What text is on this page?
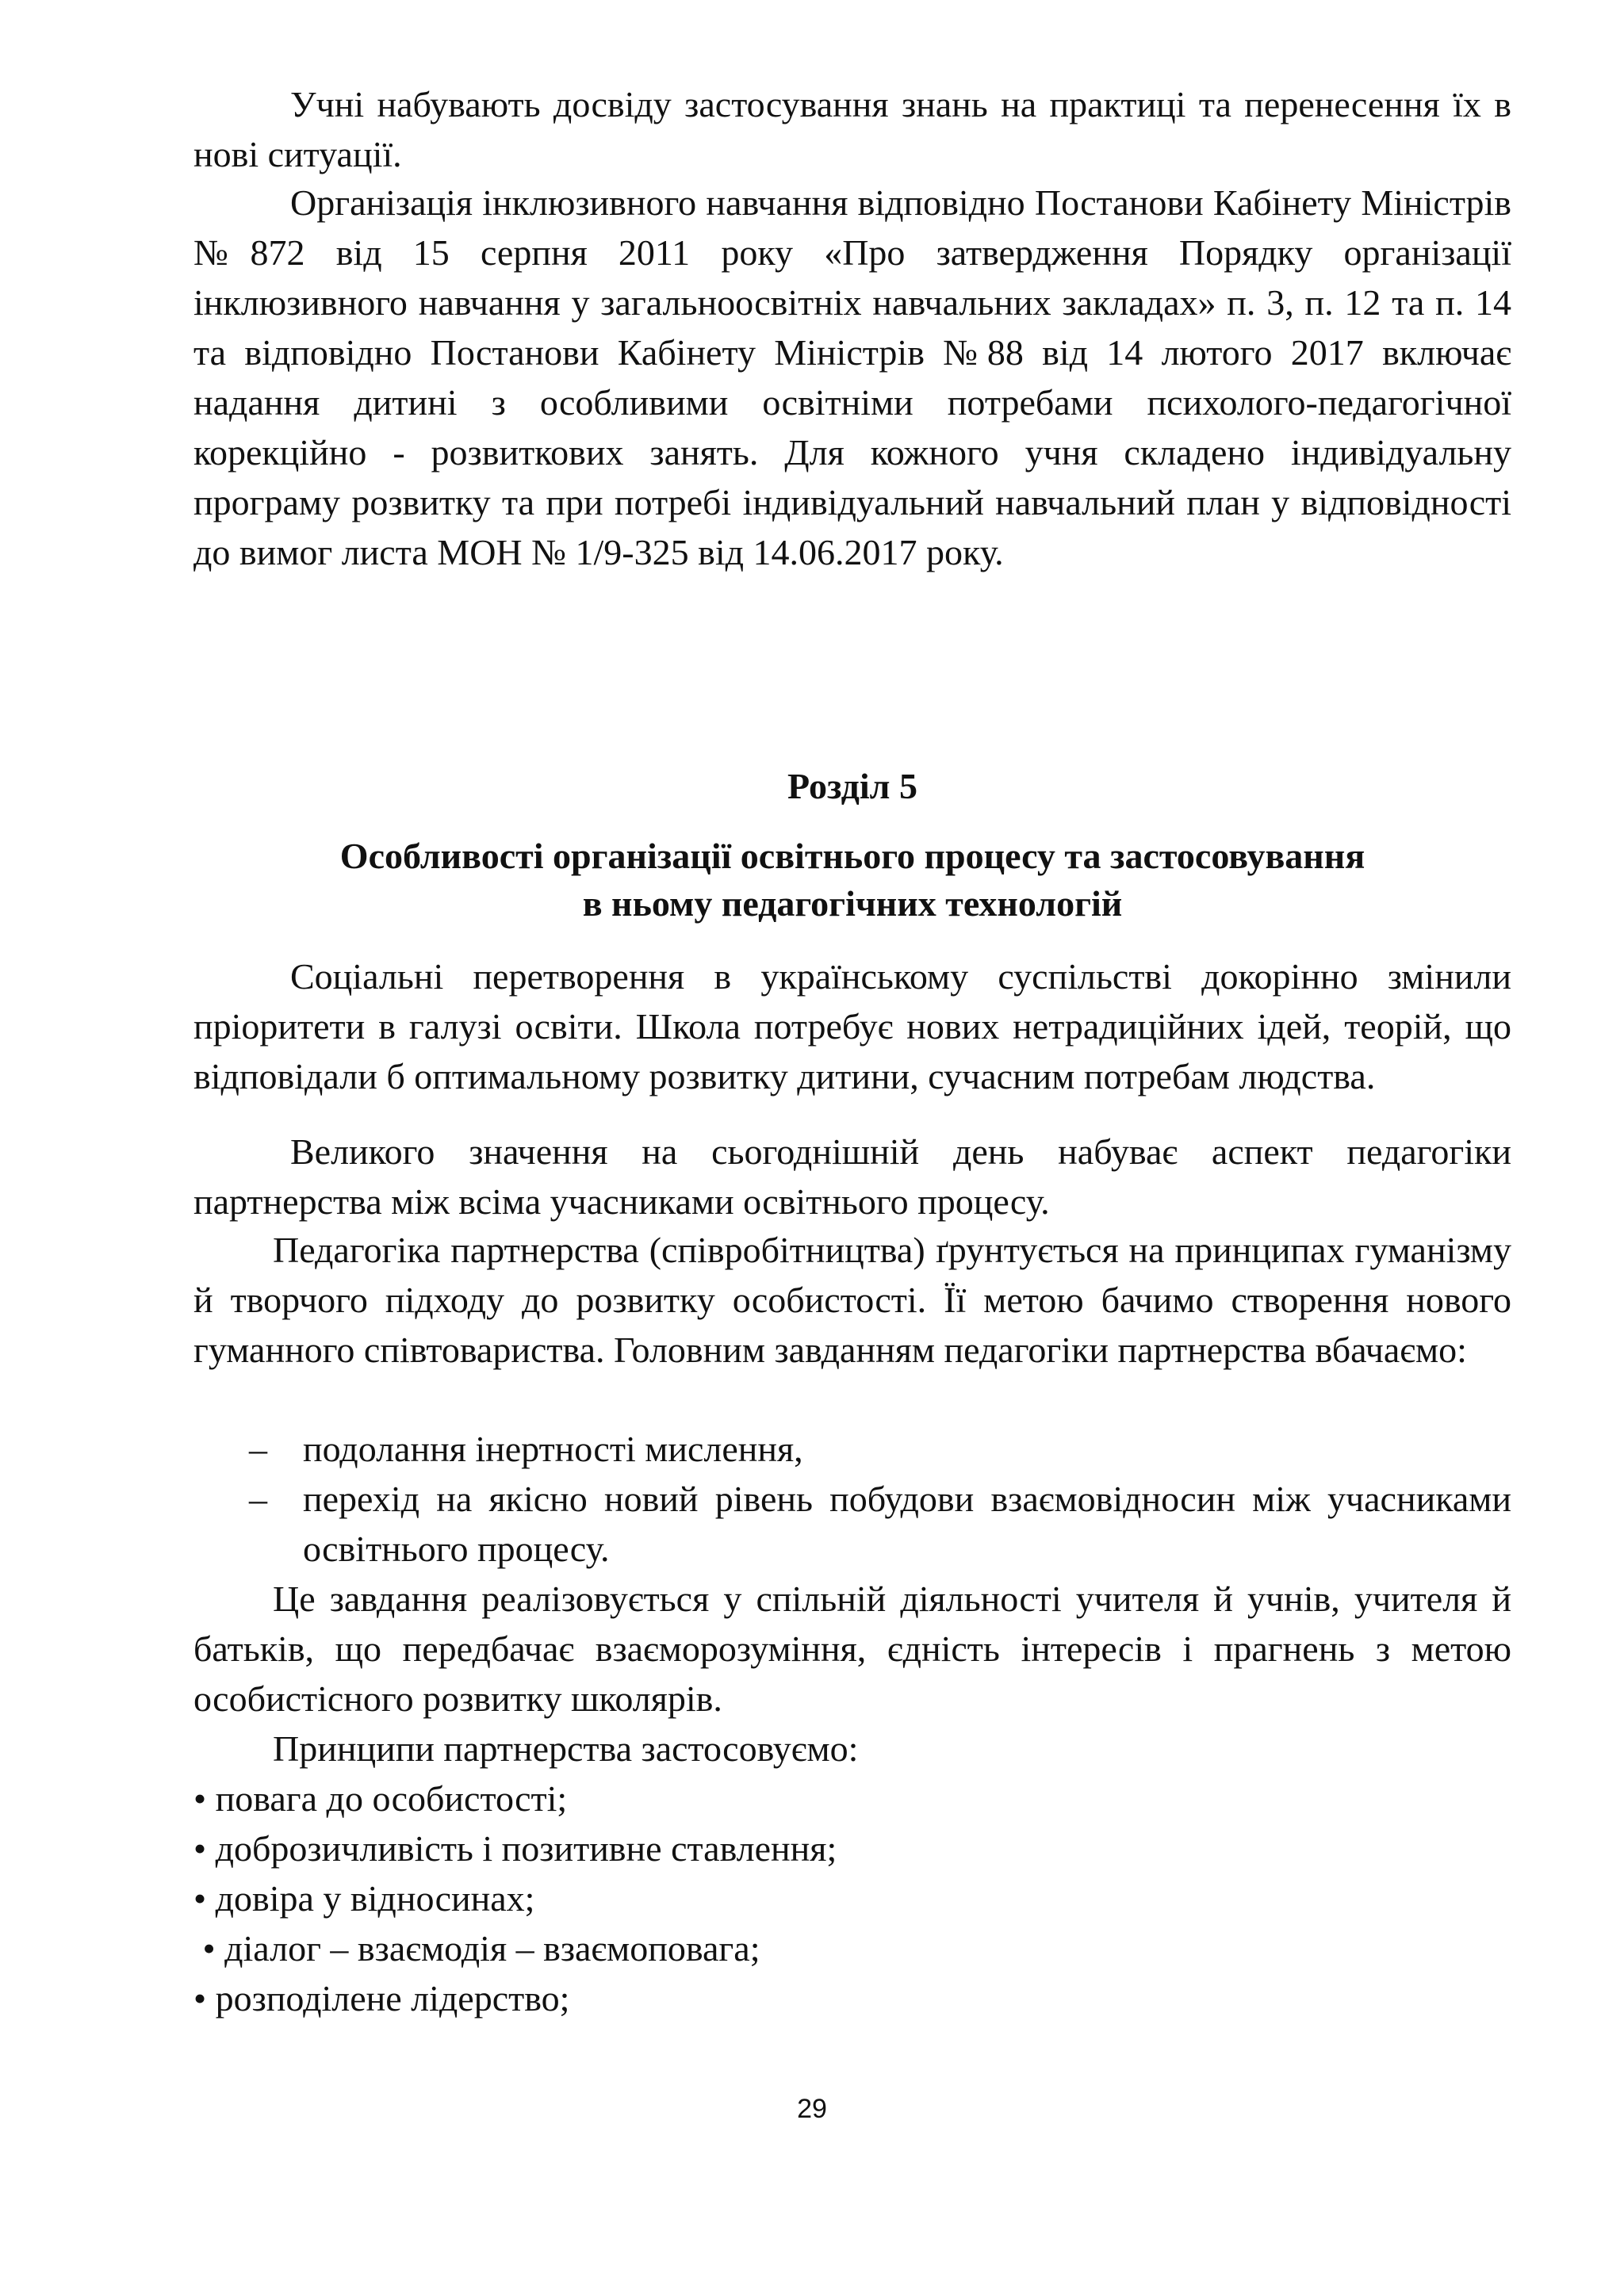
Учні набувають досвіду застосування знань на практиці та перенесення їх в нові ситуації.

Організація інклюзивного навчання відповідно Постанови Кабінету Міністрів №872 від 15 серпня 2011 року «Про затвердження Порядку організації інклюзивного навчання у загальноосвітніх навчальних закладах» п. 3, п. 12 та п. 14 та відповідно Постанови Кабінету Міністрів №88 від 14 лютого 2017 включає надання дитині з особливими освітніми потребами психолого-педагогічної корекційно - розвиткових занять. Для кожного учня складено індивідуальну програму розвитку та при потребі індивідуальний навчальний план у відповідності до вимог листа МОН № 1/9-325 від 14.06.2017 року.

Розділ 5

Особливості організації освітнього процесу та застосовування

в ньому педагогічних технологій

Соціальні перетворення в українському суспільстві докорінно змінили пріоритети в галузі освіти. Школа потребує нових нетрадиційних ідей, теорій, що відповідали б оптимальному розвитку дитини, сучасним потребам людства.

Великого значення на сьогоднішній день набуває аспект педагогіки партнерства між всіма учасниками освітнього процесу.

Педагогіка партнерства (співробітництва) ґрунтується на принципах гуманізму й творчого підходу до розвитку особистості. Її метою бачимо створення нового гуманного співтовариства. Головним завданням педагогіки партнерства вбачаємо:

– подолання інертності мислення,
– перехід на якісно новий рівень побудови взаємовідносин між учасниками освітнього процесу.

Це завдання реалізовується у спільній діяльності учителя й учнів, учителя й батьків, що передбачає взаєморозуміння, єдність інтересів і прагнень з метою особистісного розвитку школярів.

Принципи партнерства застосовуємо:

• повага до особистості;
• доброзичливість і позитивне ставлення;
• довіра у відносинах;
• діалог – взаємодія – взаємоповага;
• розподілене лідерство;
29
